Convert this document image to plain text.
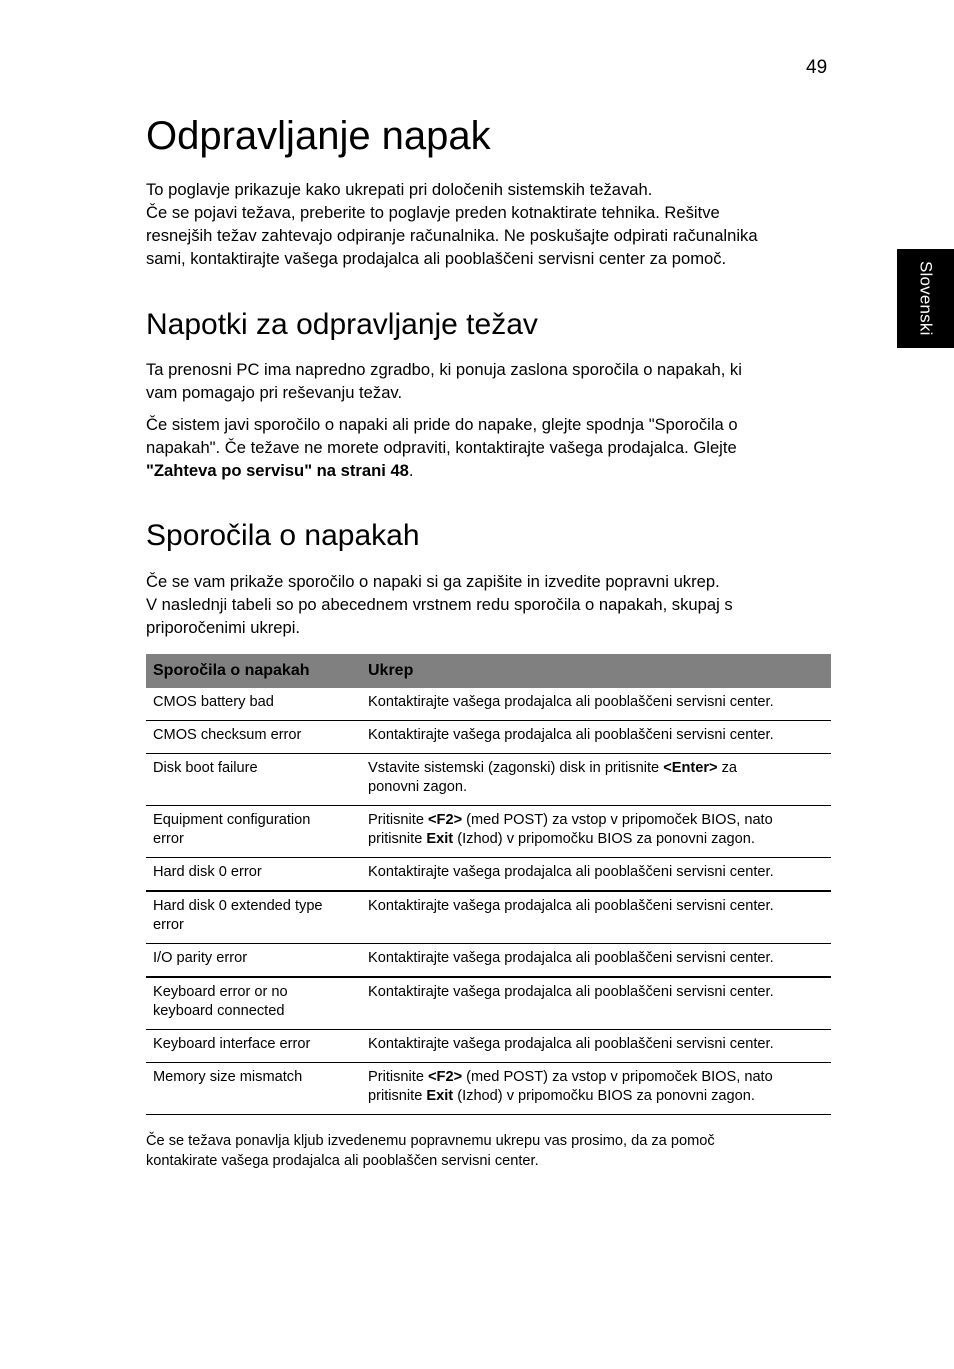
49
Slovenski
Odpravljanje napak

To poglavje prikazuje kako ukrepati pri določenih sistemskih težavah.
Če se pojavi težava, preberite to poglavje preden kotnaktirate tehnika. Rešitve
resnejših težav zahtevajo odpiranje računalnika. Ne poskušajte odpirati računalnika
sami, kontaktirajte vašega prodajalca ali pooblaščeni servisni center za pomoč.

Napotki za odpravljanje težav

Ta prenosni PC ima napredno zgradbo, ki ponuja zaslona sporočila o napakah, ki
vam pomagajo pri reševanju težav.

Če sistem javi sporočilo o napaki ali pride do napake, glejte spodnja "Sporočila o
napakah". Če težave ne morete odpraviti, kontaktirajte vašega prodajalca. Glejte
"Zahteva po servisu" na strani 48.

Sporočila o napakah

Če se vam prikaže sporočilo o napaki si ga zapišite in izvedite popravni ukrep.
V naslednji tabeli so po abecednem vrstnem redu sporočila o napakah, skupaj s
priporočenimi ukrepi.

Sporočila o napakah	Ukrep

CMOS battery bad	Kontaktirajte vašega prodajalca ali pooblaščeni servisni center.

CMOS checksum error	Kontaktirajte vašega prodajalca ali pooblaščeni servisni center.

Disk boot failure	Vstavite sistemski (zagonski) disk in pritisnite <Enter> za
ponovni zagon.

Equipment configuration
error	Pritisnite <F2> (med POST) za vstop v pripomoček BIOS, nato
pritisnite Exit (Izhod) v pripomočku BIOS za ponovni zagon.

Hard disk 0 error	Kontaktirajte vašega prodajalca ali pooblaščeni servisni center.

Hard disk 0 extended type
error	Kontaktirajte vašega prodajalca ali pooblaščeni servisni center.

I/O parity error	Kontaktirajte vašega prodajalca ali pooblaščeni servisni center.

Keyboard error or no
keyboard connected	Kontaktirajte vašega prodajalca ali pooblaščeni servisni center.

Keyboard interface error	Kontaktirajte vašega prodajalca ali pooblaščeni servisni center.

Memory size mismatch	Pritisnite <F2> (med POST) za vstop v pripomoček BIOS, nato
pritisnite Exit (Izhod) v pripomočku BIOS za ponovni zagon.

Če se težava ponavlja kljub izvedenemu popravnemu ukrepu vas prosimo, da za pomoč
kontakirate vašega prodajalca ali pooblaščen servisni center.
